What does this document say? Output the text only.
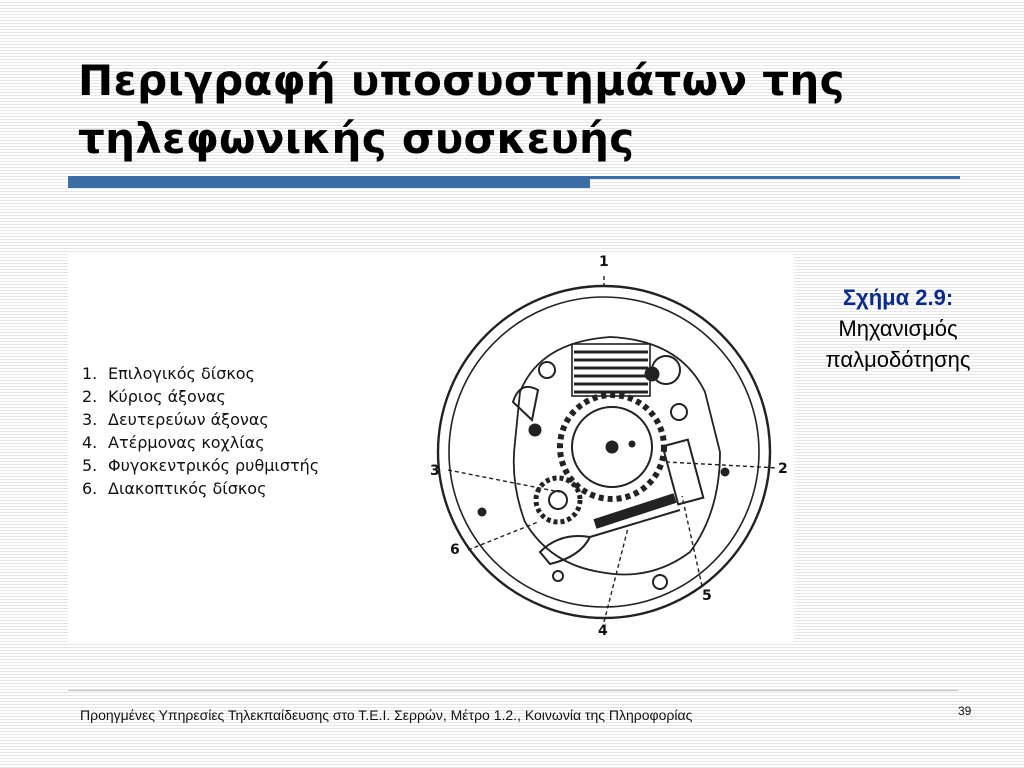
Περιγραφή υποσυστημάτων της
τηλεφωνικής συσκευής
1. Επιλογικός δίσκος
2. Κύριος άξονας
3. Δευτερεύων άξονας
4. Ατέρμονας κοχλίας
5. Φυγοκεντρικός ρυθμιστής
6. Διακοπτικός δίσκος
1
2
3
4
5
6
Σχήμα 2.9:
Μηχανισμός
παλμοδότησης
Προηγμένες Υπηρεσίες Τηλεκπαίδευσης στο Τ.Ε.Ι. Σερρών, Μέτρο 1.2., Κοινωνία της Πληροφορίας	39
